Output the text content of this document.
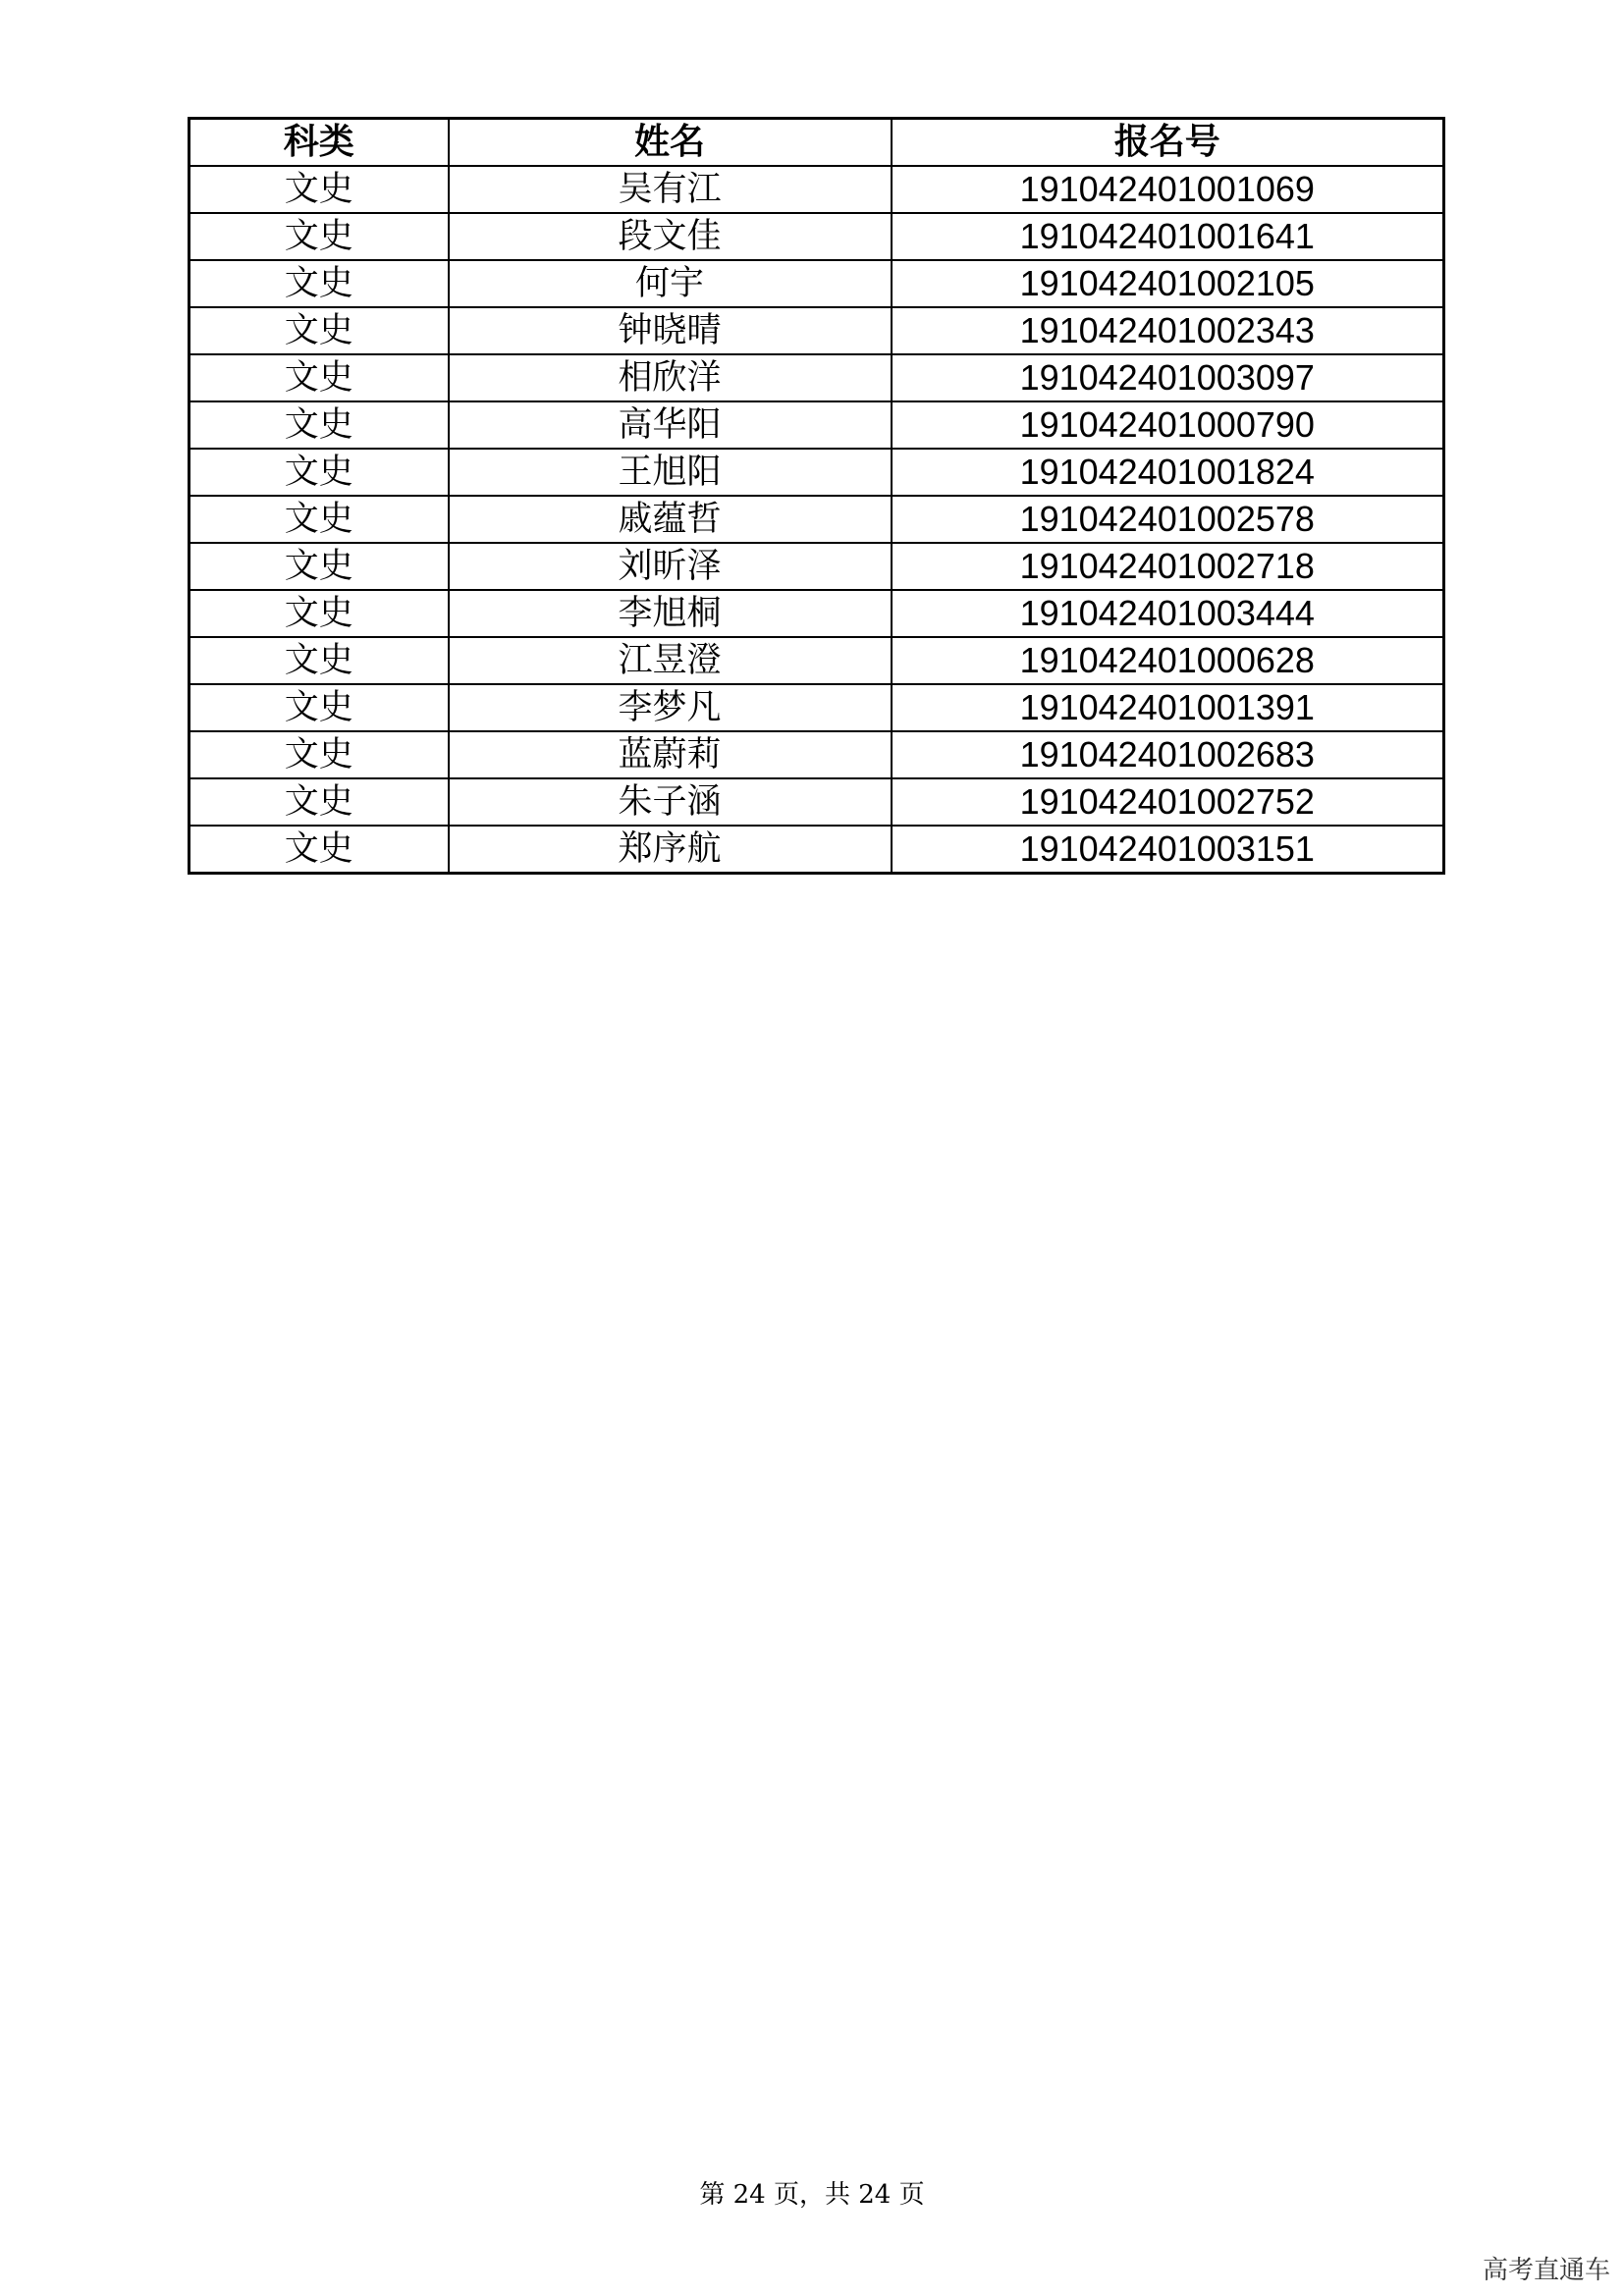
科类	姓名	报名号
文史	吴有江	191042401001069
文史	段文佳	191042401001641
文史	何宇	191042401002105
文史	钟晓晴	191042401002343
文史	相欣洋	191042401003097
文史	高华阳	191042401000790
文史	王旭阳	191042401001824
文史	戚蕴哲	191042401002578
文史	刘昕泽	191042401002718
文史	李旭桐	191042401003444
文史	江昱澄	191042401000628
文史	李梦凡	191042401001391
文史	蓝蔚莉	191042401002683
文史	朱子涵	191042401002752
文史	郑序航	191042401003151
第 24 页，共 24 页
高考直通车
